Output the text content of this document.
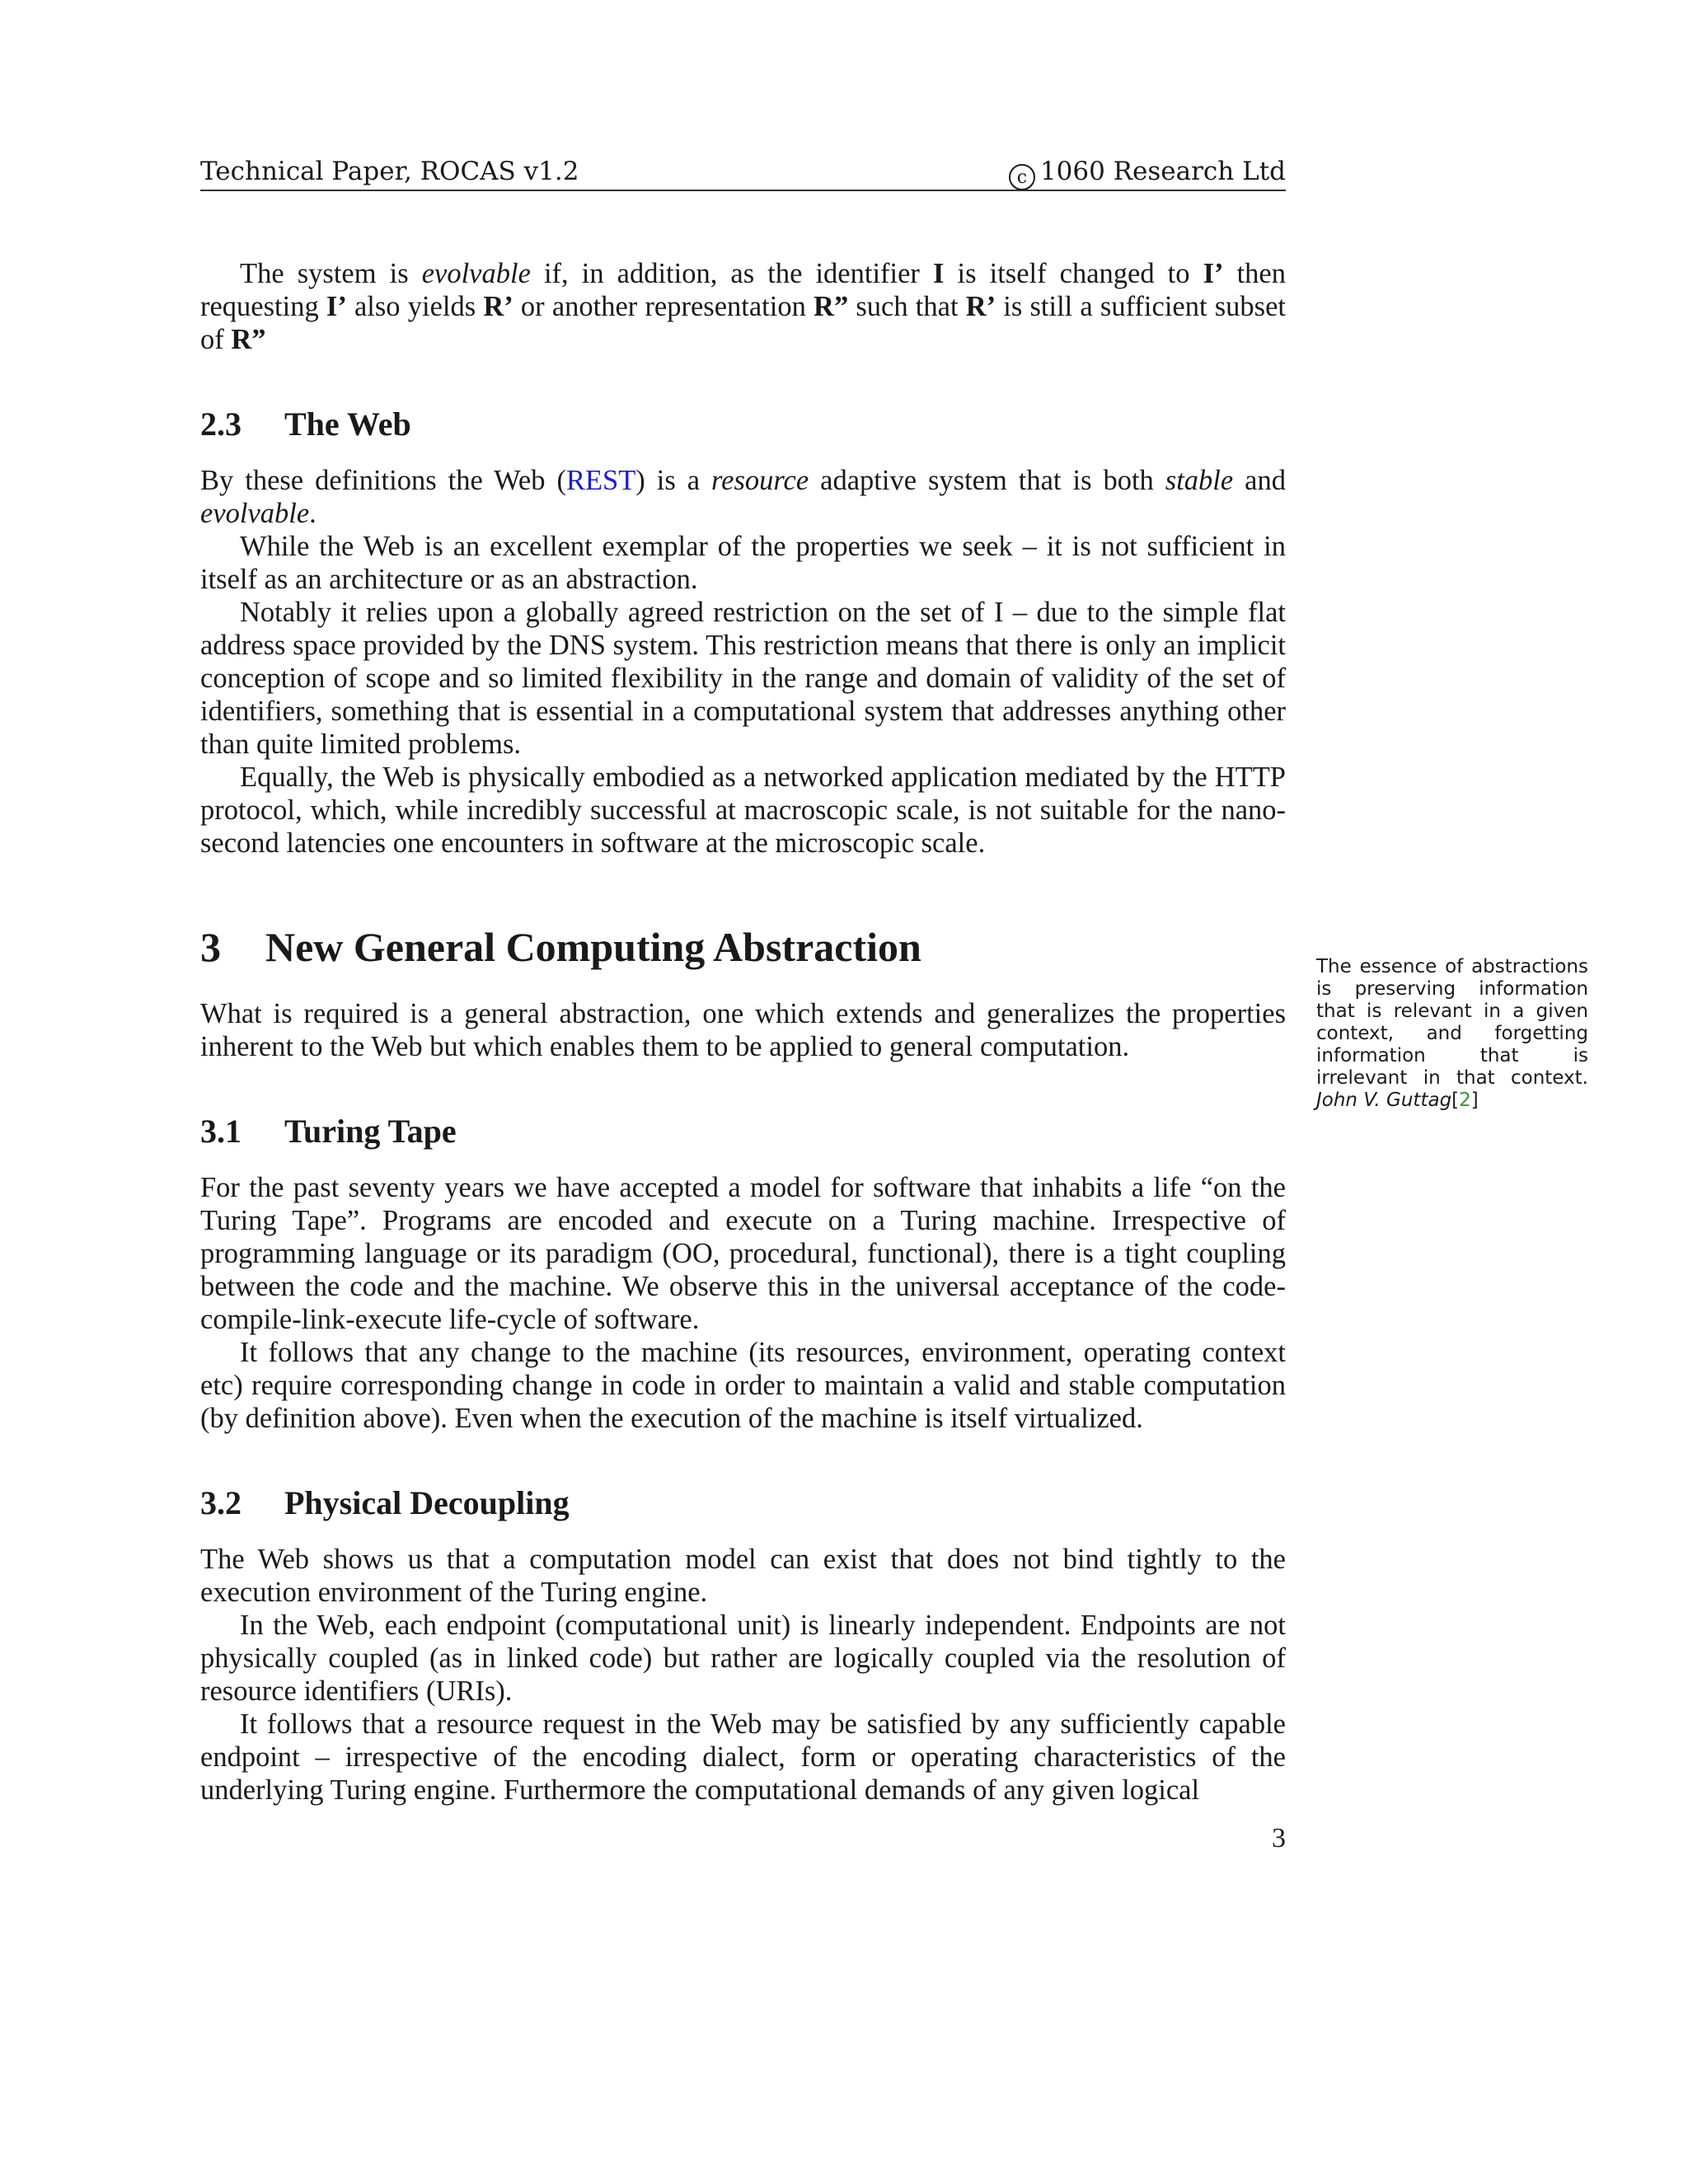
Technical Paper, ROCAS v1.2	c 1060 Research Ltd

The system is evolvable if, in addition, as the identifier I is itself changed to I’ then requesting I’ also yields R’ or another representation R” such that R’ is still a sufficient subset of R”

2.3 The Web

By these definitions the Web (REST) is a resource adaptive system that is both stable and evolvable.

While the Web is an excellent exemplar of the properties we seek – it is not sufficient in itself as an architecture or as an abstraction.

Notably it relies upon a globally agreed restriction on the set of I – due to the simple flat address space provided by the DNS system. This restriction means that there is only an implicit conception of scope and so limited flexibility in the range and domain of validity of the set of identifiers, something that is essential in a computational system that addresses anything other than quite limited problems.

Equally, the Web is physically embodied as a networked application mediated by the HTTP protocol, which, while incredibly successful at macroscopic scale, is not suitable for the nano- second latencies one encounters in software at the microscopic scale.

3 New General Computing Abstraction

What is required is a general abstraction, one which extends and generalizes the properties inherent to the Web but which enables them to be applied to general computation.

3.1 Turing Tape

For the past seventy years we have accepted a model for software that inhabits a life “on the Turing Tape”. Programs are encoded and execute on a Turing machine. Irrespective of programming language or its paradigm (OO, procedural, functional), there is a tight coupling between the code and the machine. We observe this in the universal acceptance of the code-compile-link-execute life-cycle of software.

It follows that any change to the machine (its resources, environment, operating context etc) require corresponding change in code in order to maintain a valid and stable computation (by definition above). Even when the execution of the machine is itself virtualized.

3.2 Physical Decoupling

The Web shows us that a computation model can exist that does not bind tightly to the execution environment of the Turing engine.

In the Web, each endpoint (computational unit) is linearly independent. Endpoints are not physically coupled (as in linked code) but rather are logically coupled via the resolution of resource identifiers (URIs).

It follows that a resource request in the Web may be satisfied by any sufficiently capable endpoint – irrespective of the encoding dialect, form or operating characteristics of the underlying Turing engine. Furthermore the computational demands of any given logical

The essence of abstractions is preserving information that is relevant in a given context, and forgetting information that is irrelevant in that context. John V. Guttag[2]
3
